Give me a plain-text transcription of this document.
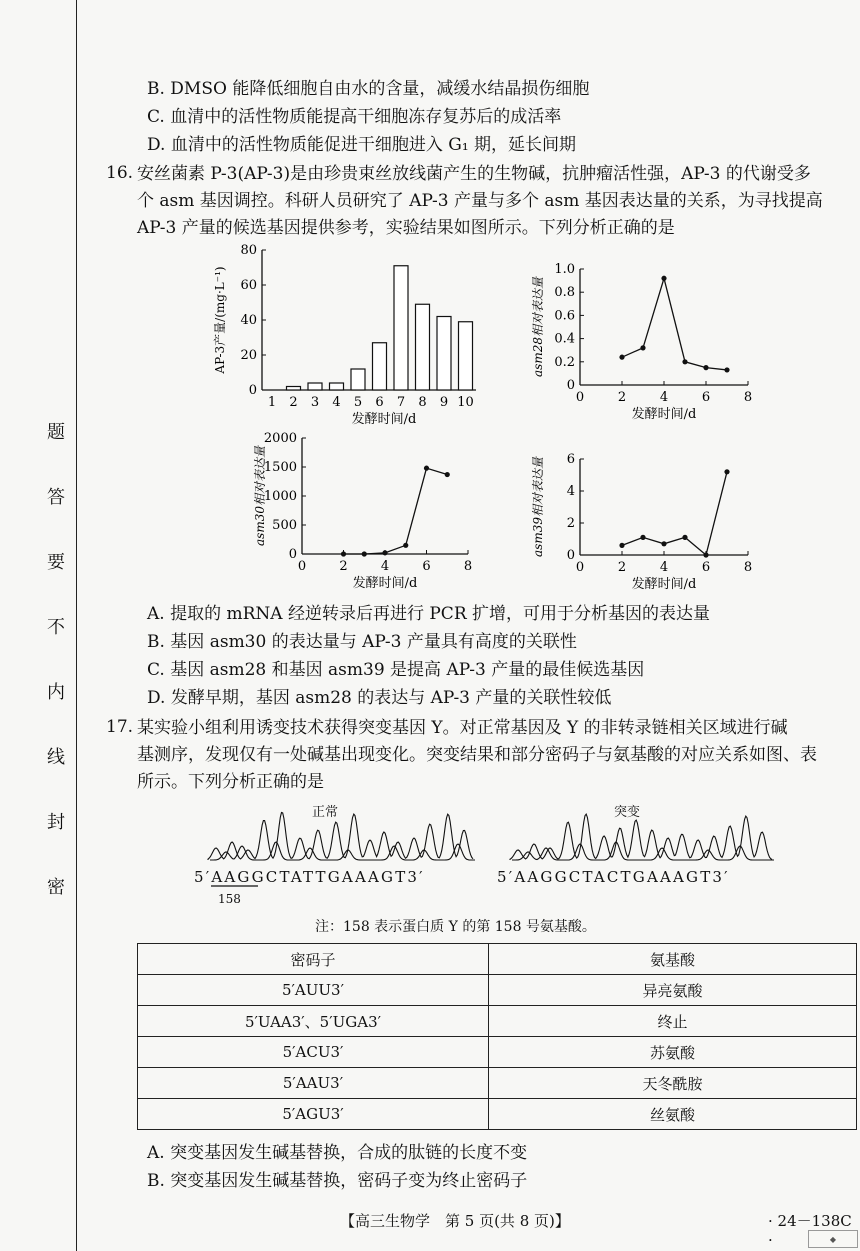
题
答
要
不
内
线
封
密
B. DMSO 能降低细胞自由水的含量，减缓水结晶损伤细胞
C. 血清中的活性物质能提高干细胞冻存复苏后的成活率
D. 血清中的活性物质能促进干细胞进入 G₁ 期，延长间期
16. 安丝菌素 P-3(AP-3)是由珍贵束丝放线菌产生的生物碱，抗肿瘤活性强，AP-3 的代谢受多
个 asm 基因调控。科研人员研究了 AP-3 产量与多个 asm 基因表达量的关系，为寻找提高
AP-3 产量的候选基因提供参考，实验结果如图所示。下列分析正确的是
0
20
40
60
80
AP-3产量/(mg·L⁻¹)
发酵时间/d
1 2 3 4 5 6 7 8 9 10
0
0.2
0.4
0.6
0.8
1.0
asm28相对表达量
发酵时间/d
0	2	4	6	8
0
500
1000
1500
2000
asm30相对表达量
发酵时间/d
0	2	4	6	8
0
2
4
6
asm39相对表达量
发酵时间/d
0	2	4	6	8
A. 提取的 mRNA 经逆转录后再进行 PCR 扩增，可用于分析基因的表达量
B. 基因 asm30 的表达量与 AP-3 产量具有高度的关联性
C. 基因 asm28 和基因 asm39 是提高 AP-3 产量的最佳候选基因
D. 发酵早期，基因 asm28 的表达与 AP-3 产量的关联性较低
17. 某实验小组利用诱变技术获得突变基因 Y。对正常基因及 Y 的非转录链相关区域进行碱
基测序，发现仅有一处碱基出现变化。突变结果和部分密码子与氨基酸的对应关系如图、表
所示。下列分析正确的是
正常	突变
5′AAGGCTATTGAAAGT3′	5′AAGGCTACTGAAAGT3′
158
注：158 表示蛋白质 Y 的第 158 号氨基酸。
密码子	氨基酸
5′AUU3′	异亮氨酸
5′UAA3′、5′UGA3′	终止
5′ACU3′	苏氨酸
5′AAU3′	天冬酰胺
5′AGU3′	丝氨酸
A. 突变基因发生碱基替换，合成的肽链的长度不变
B. 突变基因发生碱基替换，密码子变为终止密码子
【高三生物学　第 5 页(共 8 页)】	· 24－138C ·	◆
